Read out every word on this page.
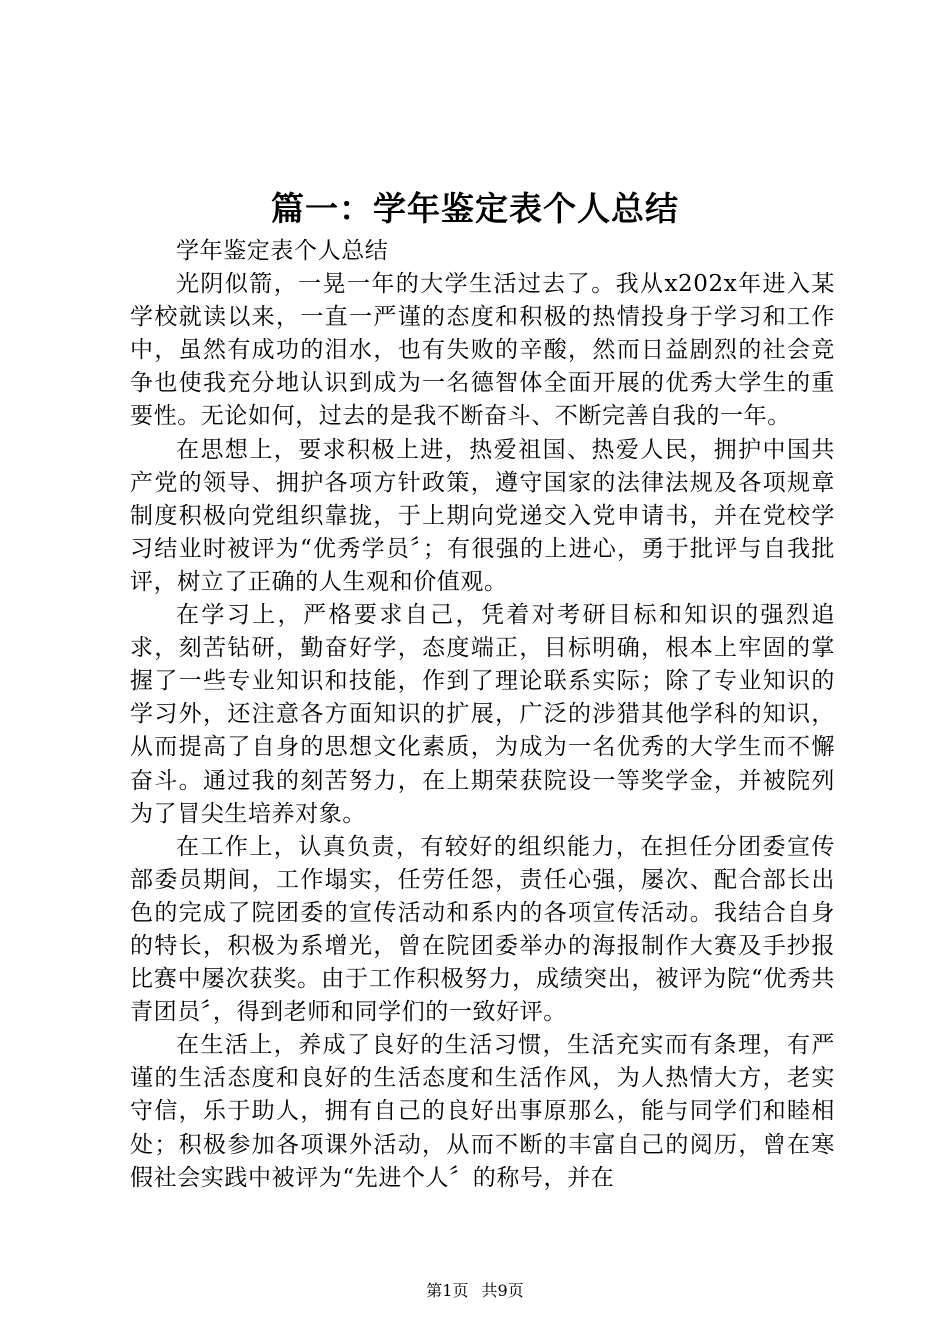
篇一：学年鉴定表个人总结

学年鉴定表个人总结

光阴似箭，一晃一年的大学生活过去了。我从x202x年进入某学校就读以来，一直一严谨的态度和积极的热情投身于学习和工作中，虽然有成功的泪水，也有失败的辛酸，然而日益剧烈的社会竞争也使我充分地认识到成为一名德智体全面开展的优秀大学生的重要性。无论如何，过去的是我不断奋斗、不断完善自我的一年。

在思想上，要求积极上进，热爱祖国、热爱人民，拥护中国共产党的领导、拥护各项方针政策，遵守国家的法律法规及各项规章制度积极向党组织靠拢，于上期向党递交入党申请书，并在党校学习结业时被评为“优秀学员〞；有很强的上进心，勇于批评与自我批评，树立了正确的人生观和价值观。

在学习上，严格要求自己，凭着对考研目标和知识的强烈追求，刻苦钻研，勤奋好学，态度端正，目标明确，根本上牢固的掌握了一些专业知识和技能，作到了理论联系实际；除了专业知识的学习外，还注意各方面知识的扩展，广泛的涉猎其他学科的知识，从而提高了自身的思想文化素质，为成为一名优秀的大学生而不懈奋斗。通过我的刻苦努力，在上期荣获院设一等奖学金，并被院列为了冒尖生培养对象。

在工作上，认真负责，有较好的组织能力，在担任分团委宣传部委员期间，工作塌实，任劳任怨，责任心强，屡次、配合部长出色的完成了院团委的宣传活动和系内的各项宣传活动。我结合自身的特长，积极为系增光，曾在院团委举办的海报制作大赛及手抄报比赛中屡次获奖。由于工作积极努力，成绩突出，被评为院“优秀共青团员〞，得到老师和同学们的一致好评。

在生活上，养成了良好的生活习惯，生活充实而有条理，有严谨的生活态度和良好的生活态度和生活作风，为人热情大方，老实守信，乐于助人，拥有自己的良好出事原那么，能与同学们和睦相处；积极参加各项课外活动，从而不断的丰富自己的阅历，曾在寒假社会实践中被评为“先进个人〞的称号，并在

第1页 共9页
